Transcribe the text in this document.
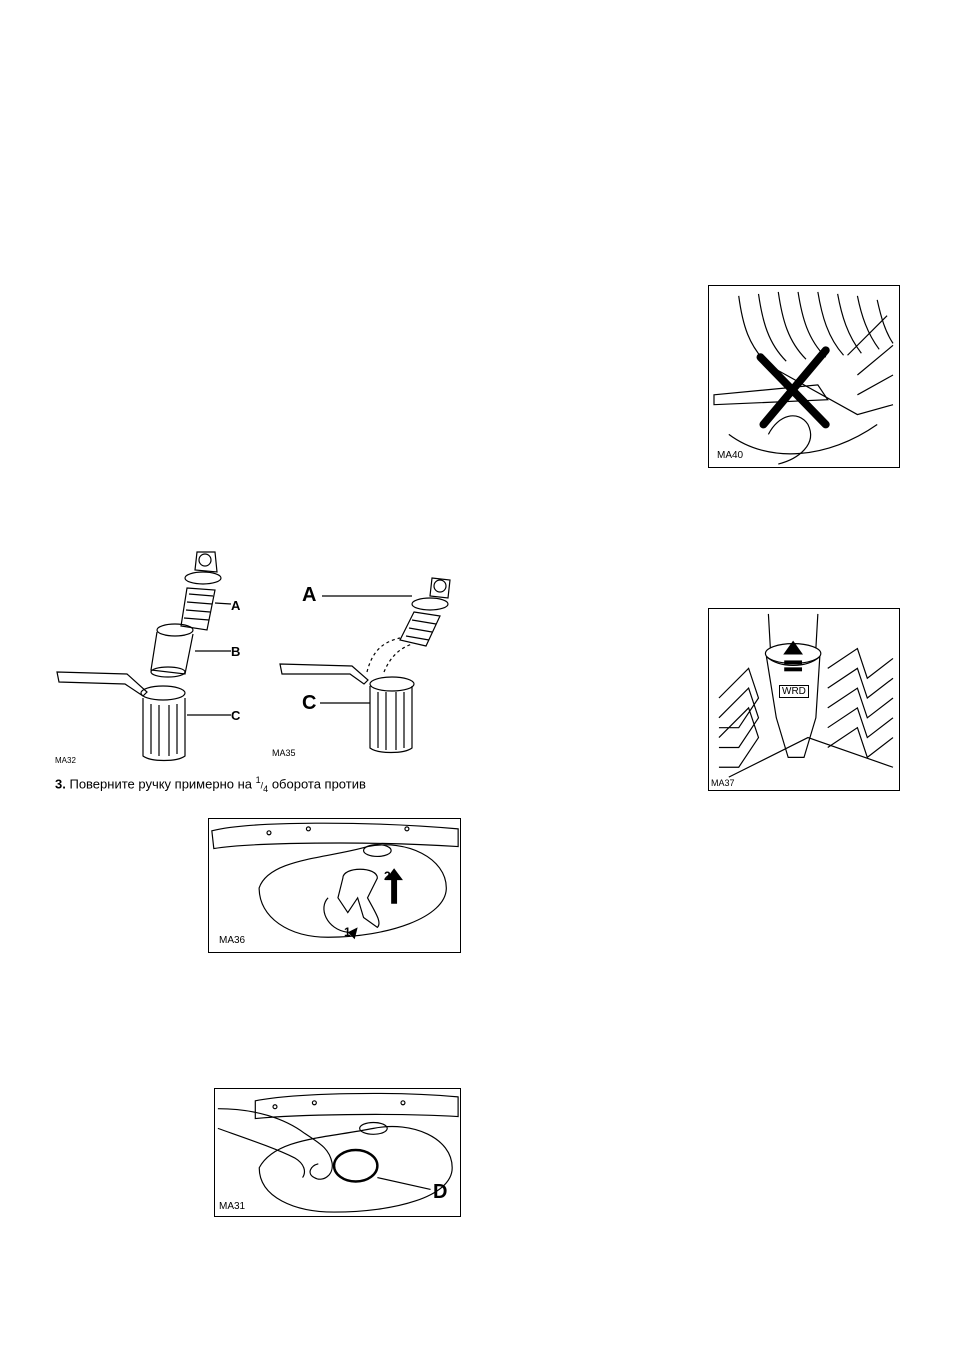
MA40
A
B
C
MA32
A
C
MA35
WRD
MA37
3. Поверните ручку примерно на $^1/_4$ оборота против
1
2
MA36
D
MA31
